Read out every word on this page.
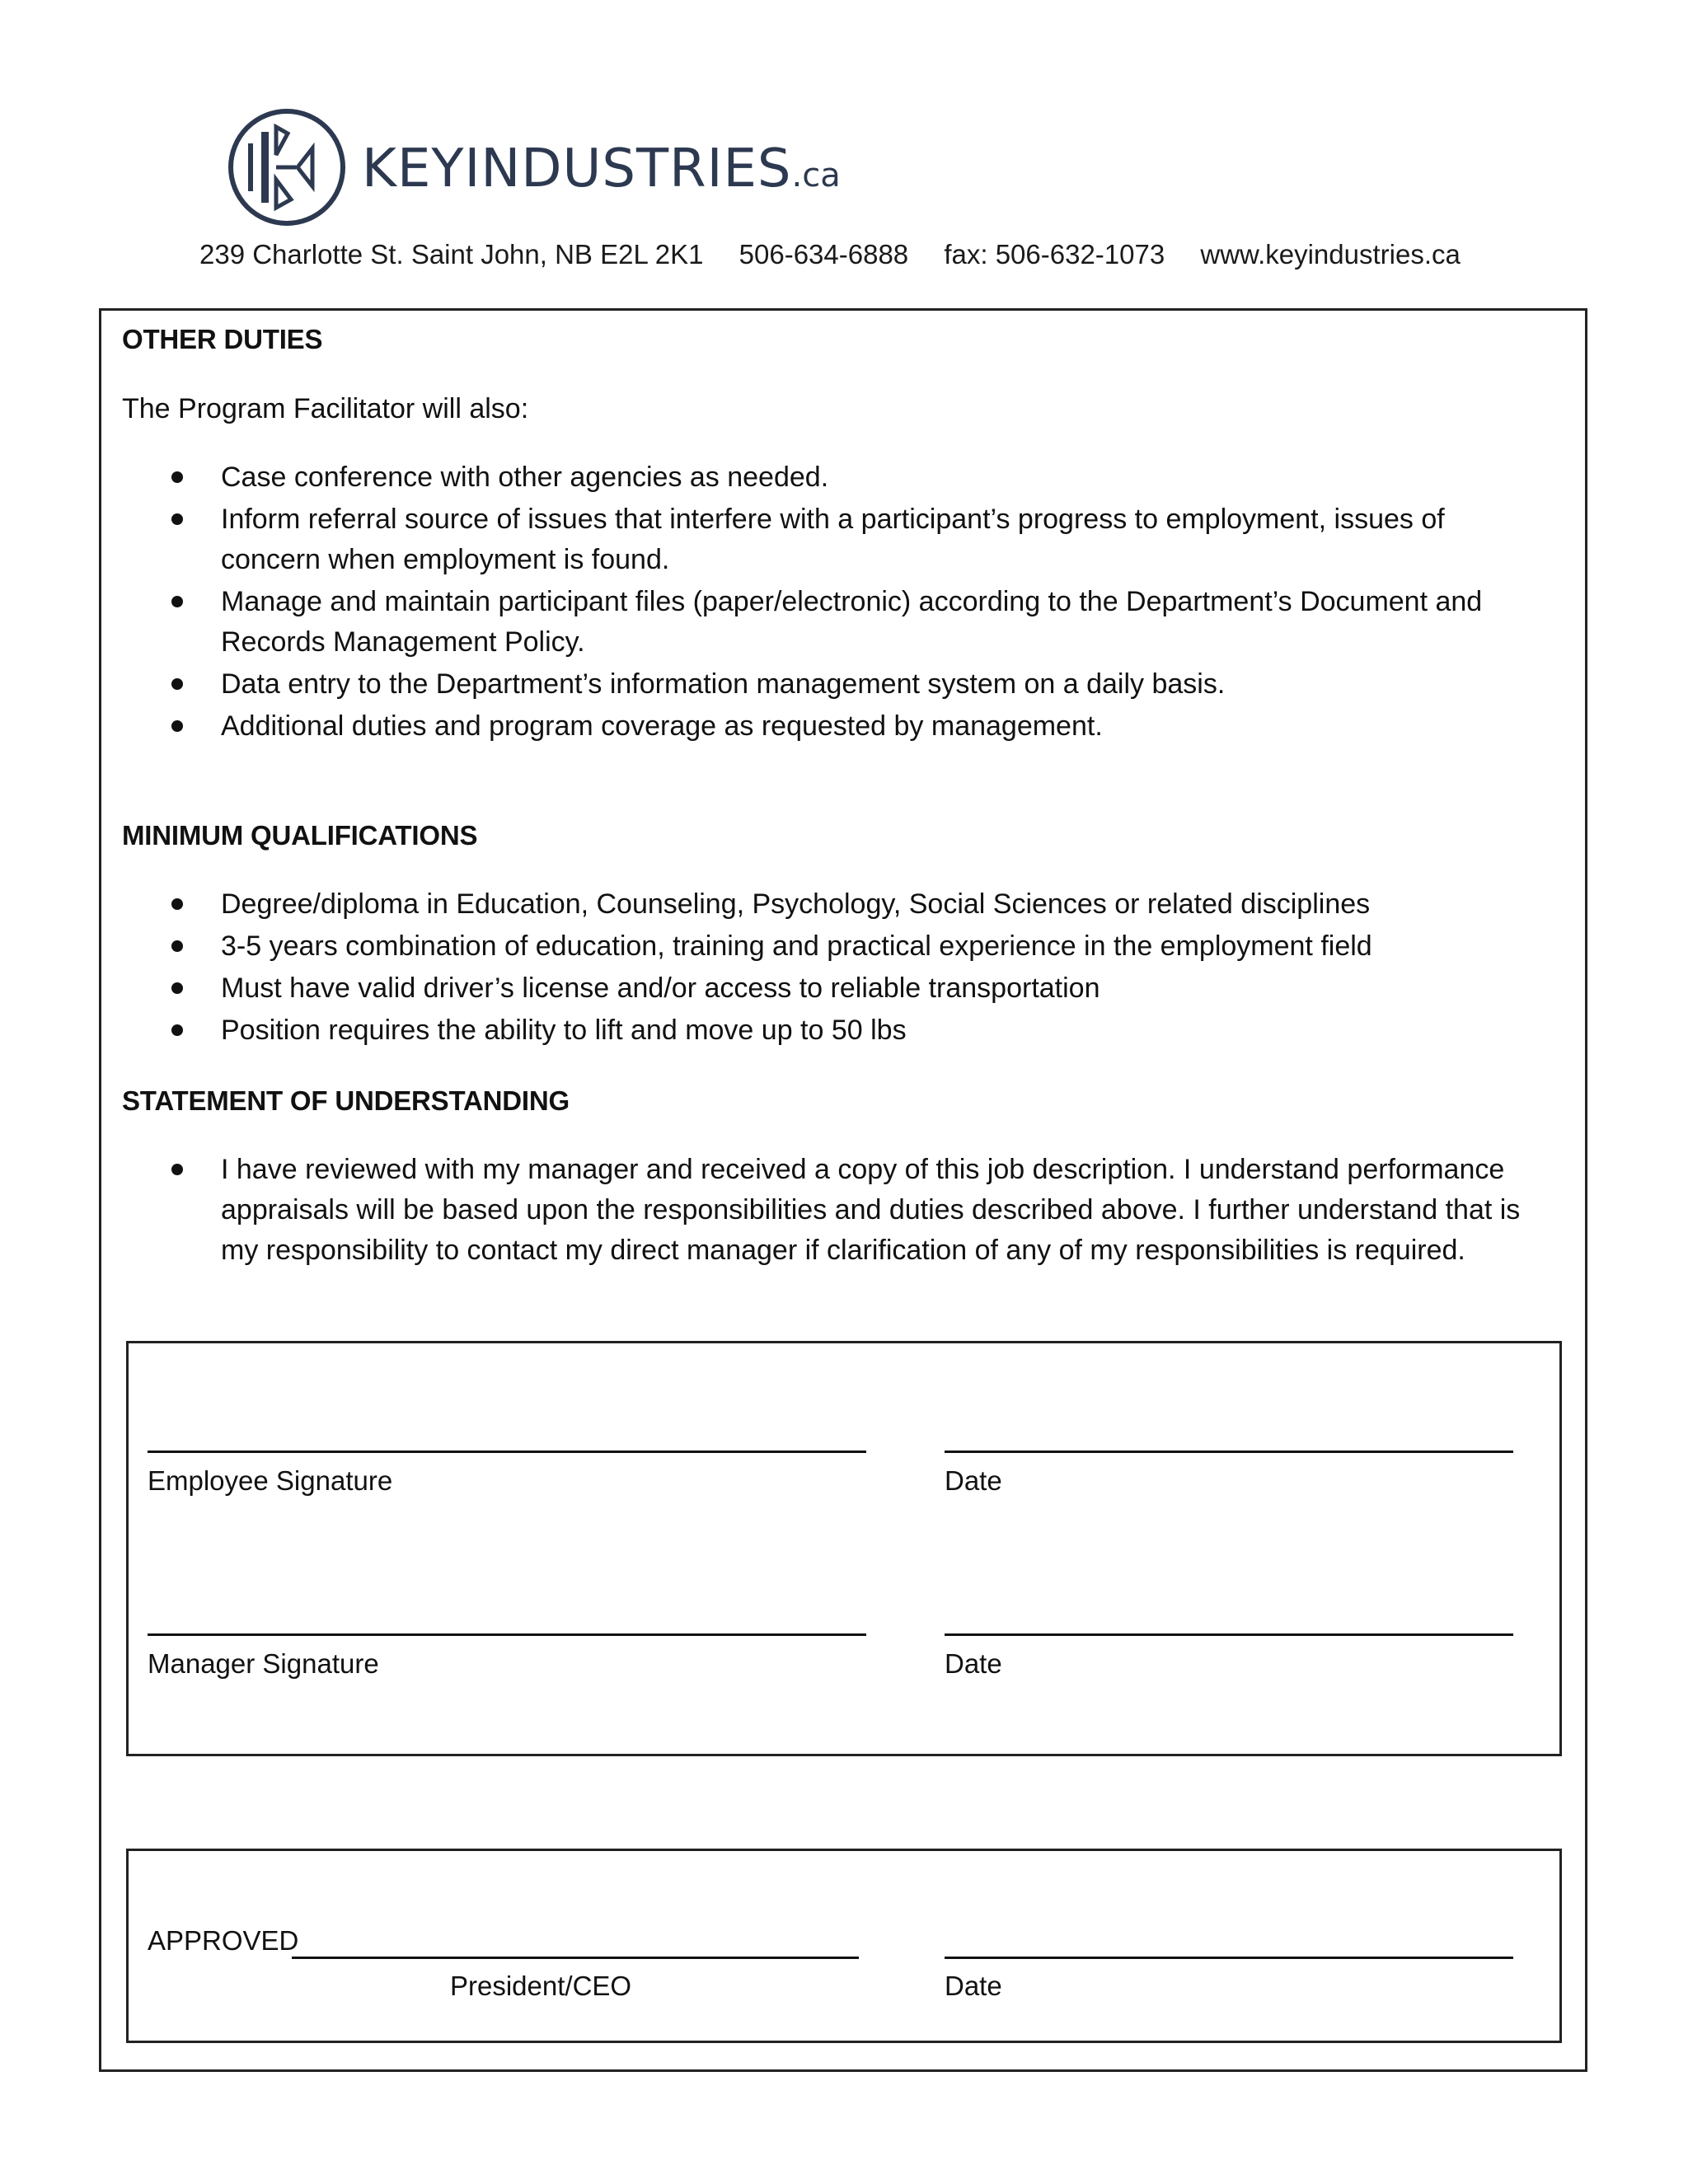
KEYINDUSTRIES.ca
239 Charlotte St. Saint John, NB E2L 2K1 506-634-6888 fax: 506-632-1073 www.keyindustries.ca
OTHER DUTIES
The Program Facilitator will also:
Case conference with other agencies as needed.
Inform referral source of issues that interfere with a participant’s progress to employment, issues of concern when employment is found.
Manage and maintain participant files (paper/electronic) according to the Department’s Document and Records Management Policy.
Data entry to the Department’s information management system on a daily basis.
Additional duties and program coverage as requested by management.
MINIMUM QUALIFICATIONS
Degree/diploma in Education, Counseling, Psychology, Social Sciences or related disciplines
3-5 years combination of education, training and practical experience in the employment field
Must have valid driver’s license and/or access to reliable transportation
Position requires the ability to lift and move up to 50 lbs
STATEMENT OF UNDERSTANDING
I have reviewed with my manager and received a copy of this job description. I understand performance appraisals will be based upon the responsibilities and duties described above. I further understand that is my responsibility to contact my direct manager if clarification of any of my responsibilities is required.
Employee Signature	Date
Manager Signature	Date
APPROVED
President/CEO	Date
